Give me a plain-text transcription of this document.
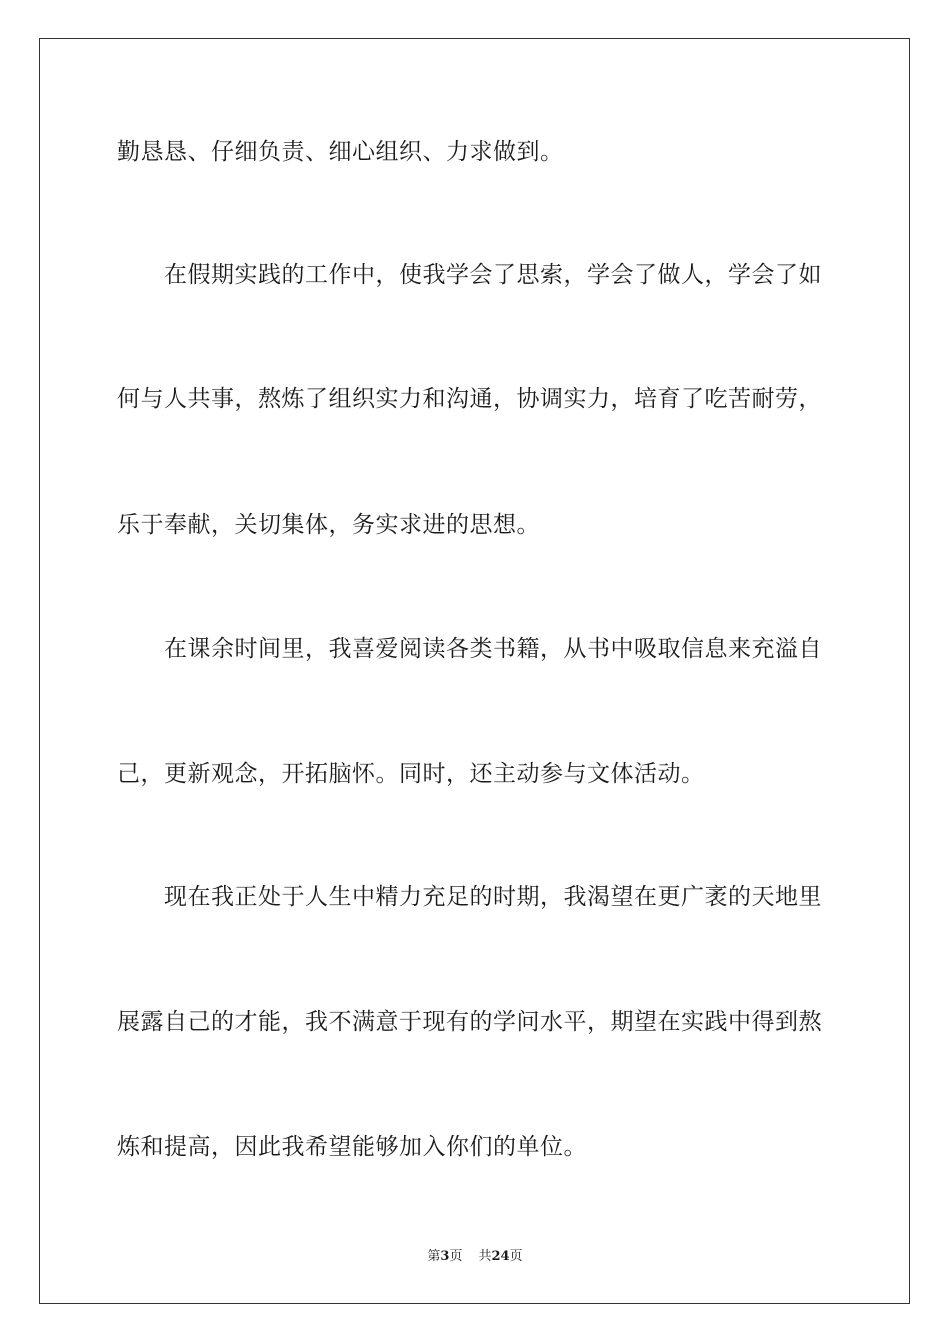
勤恳恳、仔细负责、细心组织、力求做到。
在假期实践的工作中，使我学会了思索，学会了做人，学会了如
何与人共事，熬炼了组织实力和沟通，协调实力，培育了吃苦耐劳，
乐于奉献，关切集体，务实求进的思想。
在课余时间里，我喜爱阅读各类书籍，从书中吸取信息来充溢自
己，更新观念，开拓脑怀。同时，还主动参与文体活动。
现在我正处于人生中精力充足的时期，我渴望在更广袤的天地里
展露自己的才能，我不满意于现有的学问水平，期望在实践中得到熬
炼和提高，因此我希望能够加入你们的单位。
第3页 共24页
